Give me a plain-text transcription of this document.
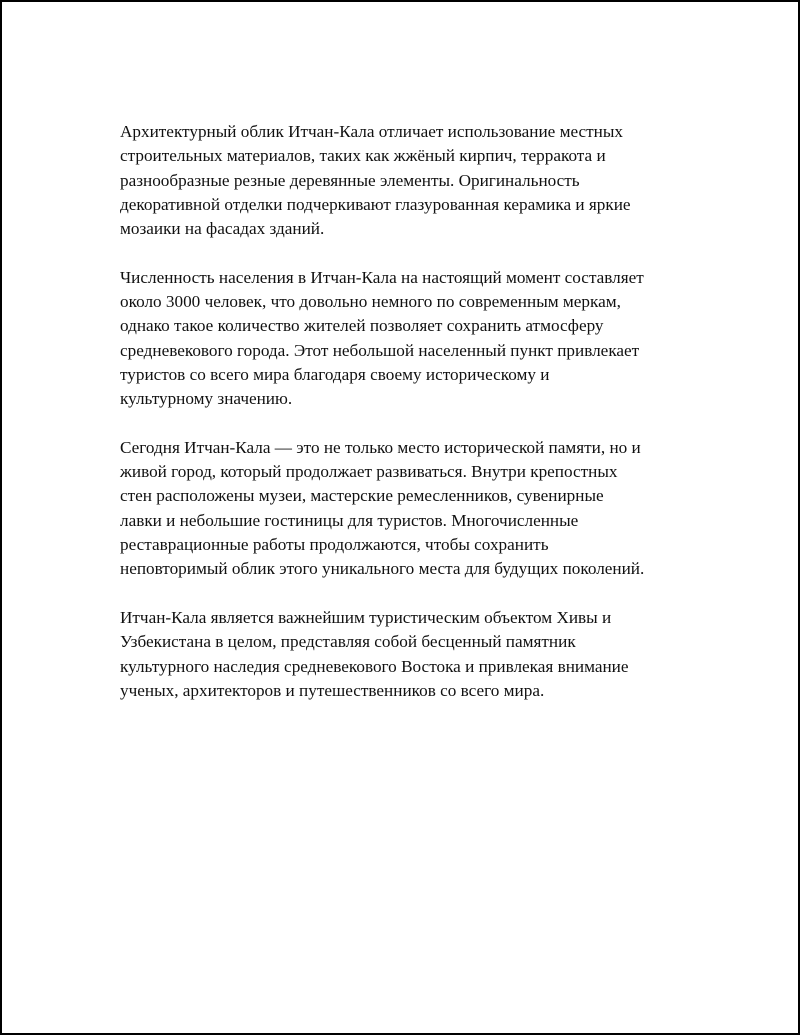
Архитектурный облик Итчан-Кала отличает использование местных
строительных материалов, таких как жжёный кирпич, терракота и
разнообразные резные деревянные элементы. Оригинальность
декоративной отделки подчеркивают глазурованная керамика и яркие
мозаики на фасадах зданий.

Численность населения в Итчан-Кала на настоящий момент составляет
около 3000 человек, что довольно немного по современным меркам,
однако такое количество жителей позволяет сохранить атмосферу
средневекового города. Этот небольшой населенный пункт привлекает
туристов со всего мира благодаря своему историческому и
культурному значению.

Сегодня Итчан-Кала — это не только место исторической памяти, но и
живой город, который продолжает развиваться. Внутри крепостных
стен расположены музеи, мастерские ремесленников, сувенирные
лавки и небольшие гостиницы для туристов. Многочисленные
реставрационные работы продолжаются, чтобы сохранить
неповторимый облик этого уникального места для будущих поколений.

Итчан-Кала является важнейшим туристическим объектом Хивы и
Узбекистана в целом, представляя собой бесценный памятник
культурного наследия средневекового Востока и привлекая внимание
ученых, архитекторов и путешественников со всего мира.
